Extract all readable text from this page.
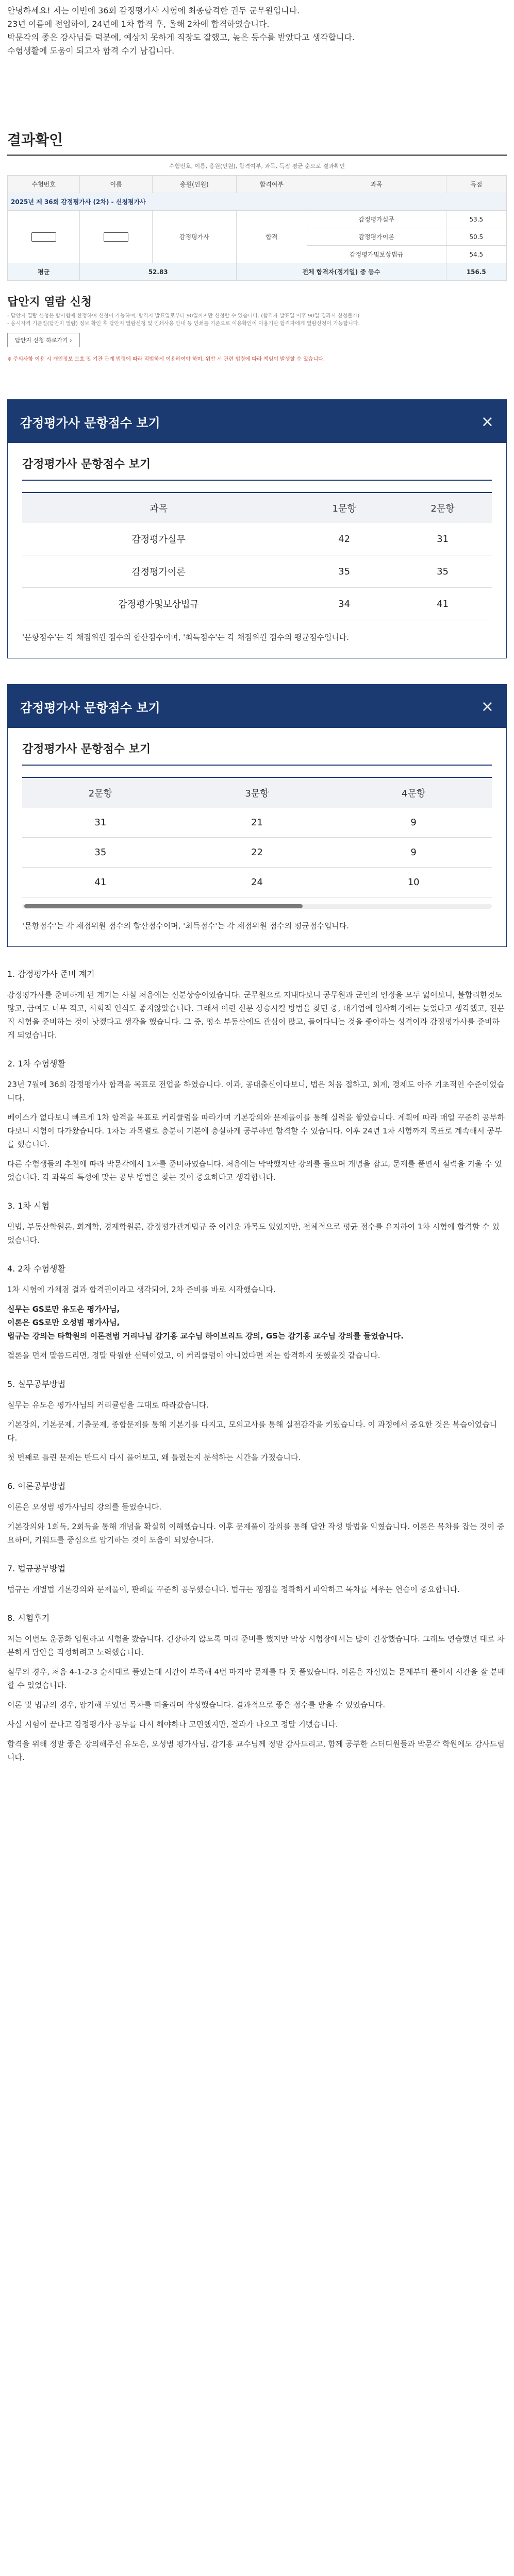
안녕하세요! 저는 이번에 36회 감정평가사 시험에 최종합격한 권두 군무원입니다.

23년 여름에 전업하여, 24년에 1차 합격 후, 올해 2차에 합격하였습니다.

박문각의 좋은 강사님들 덕분에, 예상치 못하게 직장도 잘했고, 높은 등수를 받았다고 생각합니다.

수험생활에 도움이 되고자 합격 수기 남깁니다.

결과확인
수험번호, 이름, 총원(인원), 합격여부, 과목, 득점 평균 순으로 결과확인
2025년 제 36회 감정평가사 (2차) - 신청평가사					
수험번호	이름	총원(인원)	합격여부	과목	득점
		감정평가사	합격	감정평가실무	53.5
				감정평가이론	50.5
				감정평가및보상법규	54.5
평균	52.83		전체 합격자(정기일) 중 등수		156.5
답안지 열람 신청
- 답안지 열람 신청은 합시험에 한정하여 신청이 가능하며, 합격자 발표일로부터 90일까지만 신청할 수 있습니다. (합격자 발표일 이후 90일 경과시 신청불가)
- 응시자격 기준일(답안지 열람) 정보 확인 후 답안지 열람신청 및 인쇄사용 안내 등 인쇄를 기준으로 이용확인이 이용기관 합격자에게 열람신청이 가능합니다.
답안지 신청 하로가기 ›
※ 주의사항 이용 시 개인정보 보호 및 기관 관계 법령에 따라 적법하게 이용하여야 하며, 위반 시 관련 법령에 따라 책임이 발생할 수 있습니다.
감정평가사 문항점수 보기	×
감정평가사 문항점수 보기
과목	1문항	2문항
감정평가실무	42	31
감정평가이론	35	35
감정평가및보상법규	34	41
'문항점수'는 각 채점위원 점수의 합산점수이며, '최득점수'는 각 채점위원 점수의 평균점수입니다.
감정평가사 문항점수 보기	×
감정평가사 문항점수 보기
2문항	3문항	4문항
31	21	9
35	22	9
41	24	10
'문항점수'는 각 채점위원 점수의 합산점수이며, '최득점수'는 각 채점위원 점수의 평균점수입니다.
1. 감정평가사 준비 계기

감정평가사를 준비하게 된 계기는 사실 처음에는 신분상승이었습니다. 군무원으로 지내다보니 공무원과 군인의 인정을 모두 잃어보니, 불합리한것도 많고, 급여도 너무 적고, 시회적 인식도 좋지않았습니다. 그래서 이런 신분 상승시킬 방법을 찾던 중, 대기업에 입사하기에는 늦었다고 생각했고, 전문직 시험을 준비하는 것이 낫겠다고 생각을 했습니다. 그 중, 평소 부동산에도 관심이 많고, 들어다니는 것을 좋아하는 성격이라 감정평가사를 준비하게 되었습니다.

2. 1차 수험생활

23년 7월에 36회 감정평가사 합격을 목표로 전업을 하였습니다. 이과, 공대출신이다보니, 법은 처음 접하고, 회계, 경제도 아주 기초적인 수준이었습니다.

베이스가 없다보니 빠르게 1차 합격을 목표로 커리큘럼을 따라가며 기본강의와 문제풀이를 통해 실력을 쌓았습니다. 계획에 따라 매일 꾸준히 공부하다보니 시험이 다가왔습니다. 1차는 과목별로 충분히 기본에 충실하게 공부하면 합격할 수 있습니다. 이후 24년 1차 시험까지 목표로 계속해서 공부를 했습니다.

다른 수험생들의 추천에 따라 박문각에서 1차를 준비하였습니다. 처음에는 막막했지만 강의를 들으며 개념을 잡고, 문제를 풀면서 실력을 키울 수 있었습니다. 각 과목의 특성에 맞는 공부 방법을 찾는 것이 중요하다고 생각합니다.

3. 1차 시험

민법, 부동산학원론, 회계학, 경제학원론, 감정평가관계법규 중 어려운 과목도 있었지만, 전체적으로 평균 점수를 유지하여 1차 시험에 합격할 수 있었습니다.

4. 2차 수험생활

1차 시험에 가채점 결과 합격권이라고 생각되어, 2차 준비를 바로 시작했습니다.

실무는 GS로만 유도은 평가사님,

이론은 GS로만 오성범 평가사님,

법규는 강의는 타학원의 이론전범 거리나님 감기홍 교수님 하이브리드 강의, GS는 감기홍 교수님 강의를 들었습니다.

결론을 먼저 말씀드리면, 정말 탁월한 선택이었고, 이 커리큘럼이 아니었다면 저는 합격하지 못했을것 같습니다.

5. 실무공부방법

실무는 유도은 평가사님의 커리큘럼을 그대로 따라갔습니다.

기본강의, 기본문제, 기출문제, 종합문제를 통해 기본기를 다지고, 모의고사를 통해 실전감각을 키웠습니다. 이 과정에서 중요한 것은 복습이었습니다.

첫 번째로 틀린 문제는 반드시 다시 풀어보고, 왜 틀렸는지 분석하는 시간을 가졌습니다.

6. 이론공부방법

이론은 오성범 평가사님의 강의를 들었습니다.

기본강의와 1회독, 2회독을 통해 개념을 확실히 이해했습니다. 이후 문제풀이 강의를 통해 답안 작성 방법을 익혔습니다. 이론은 목차를 잡는 것이 중요하며, 키워드를 중심으로 암기하는 것이 도움이 되었습니다.

7. 법규공부방법

법규는 개별법 기본강의와 문제풀이, 판례를 꾸준히 공부했습니다. 법규는 쟁점을 정확하게 파악하고 목차를 세우는 연습이 중요합니다.

8. 시험후기

저는 이번도 운동화 입원하고 시험을 봤습니다. 긴장하지 않도록 미리 준비를 했지만 막상 시험장에서는 많이 긴장했습니다. 그래도 연습했던 대로 차분하게 답안을 작성하려고 노력했습니다.

실무의 경우, 처음 4-1-2-3 순서대로 풀었는데 시간이 부족해 4번 마지막 문제를 다 못 풀었습니다. 이론은 자신있는 문제부터 풀어서 시간을 잘 분배할 수 있었습니다.

이론 및 법규의 경우, 암기해 두었던 목차를 떠올리며 작성했습니다. 결과적으로 좋은 점수를 받을 수 있었습니다.

사실 시험이 끝나고 감정평가사 공부를 다시 해야하나 고민했지만, 결과가 나오고 정말 기뻤습니다.

합격을 위해 정말 좋은 강의해주신 유도은, 오성범 평가사님, 감기홍 교수님께 정말 감사드리고, 함께 공부한 스터디원들과 박문각 학원에도 감사드립니다.
